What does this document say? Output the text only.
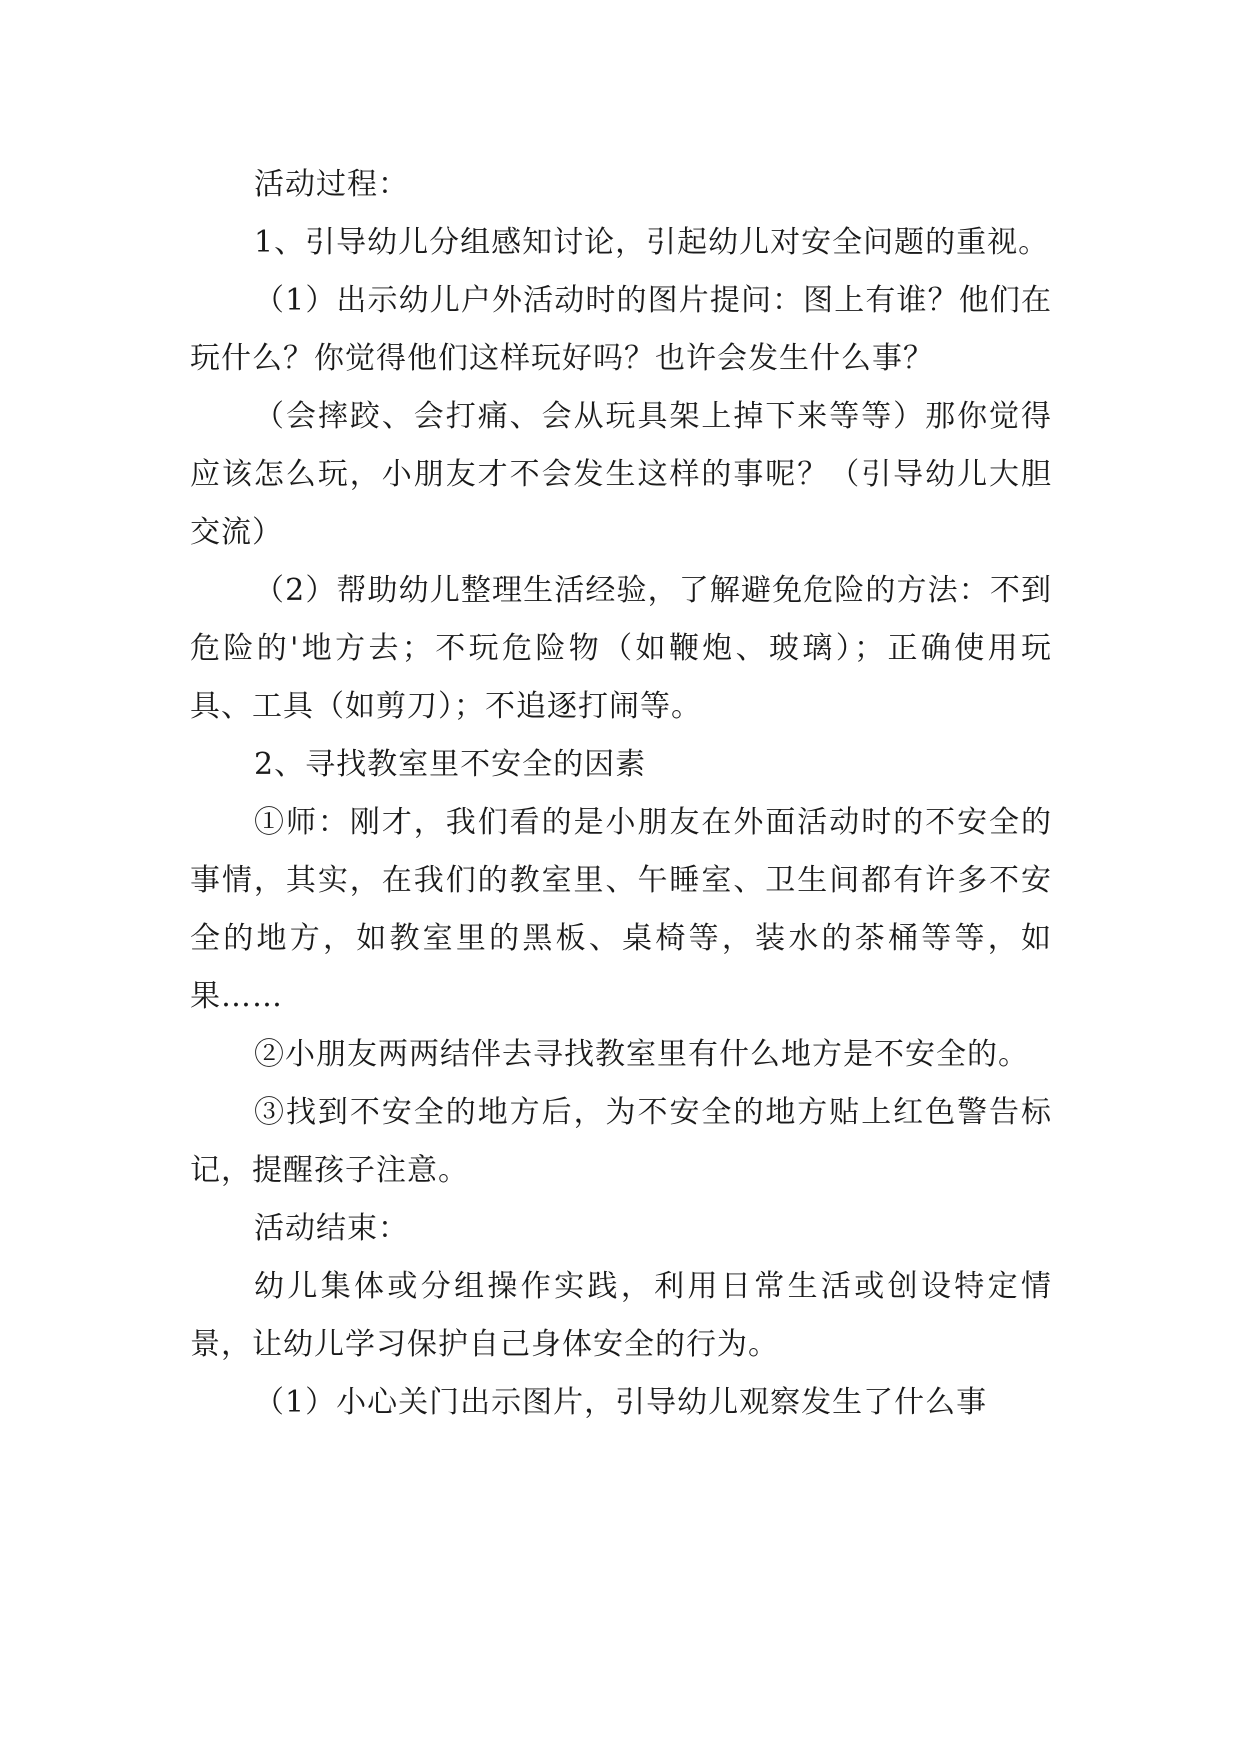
活动过程：

1、引导幼儿分组感知讨论，引起幼儿对安全问题的重视。

（1）出示幼儿户外活动时的图片提问：图上有谁？他们在玩什么？你觉得他们这样玩好吗？也许会发生什么事？

（会摔跤、会打痛、会从玩具架上掉下来等等）那你觉得应该怎么玩，小朋友才不会发生这样的事呢？（引导幼儿大胆交流）

（2）帮助幼儿整理生活经验，了解避免危险的方法：不到危险的'地方去；不玩危险物（如鞭炮、玻璃）；正确使用玩具、工具（如剪刀）；不追逐打闹等。

2、寻找教室里不安全的因素

①师：刚才，我们看的是小朋友在外面活动时的不安全的事情，其实，在我们的教室里、午睡室、卫生间都有许多不安全的地方，如教室里的黑板、桌椅等，装水的茶桶等等，如果……

②小朋友两两结伴去寻找教室里有什么地方是不安全的。

③找到不安全的地方后，为不安全的地方贴上红色警告标记，提醒孩子注意。

活动结束：

幼儿集体或分组操作实践，利用日常生活或创设特定情景，让幼儿学习保护自己身体安全的行为。

（1）小心关门出示图片，引导幼儿观察发生了什么事
